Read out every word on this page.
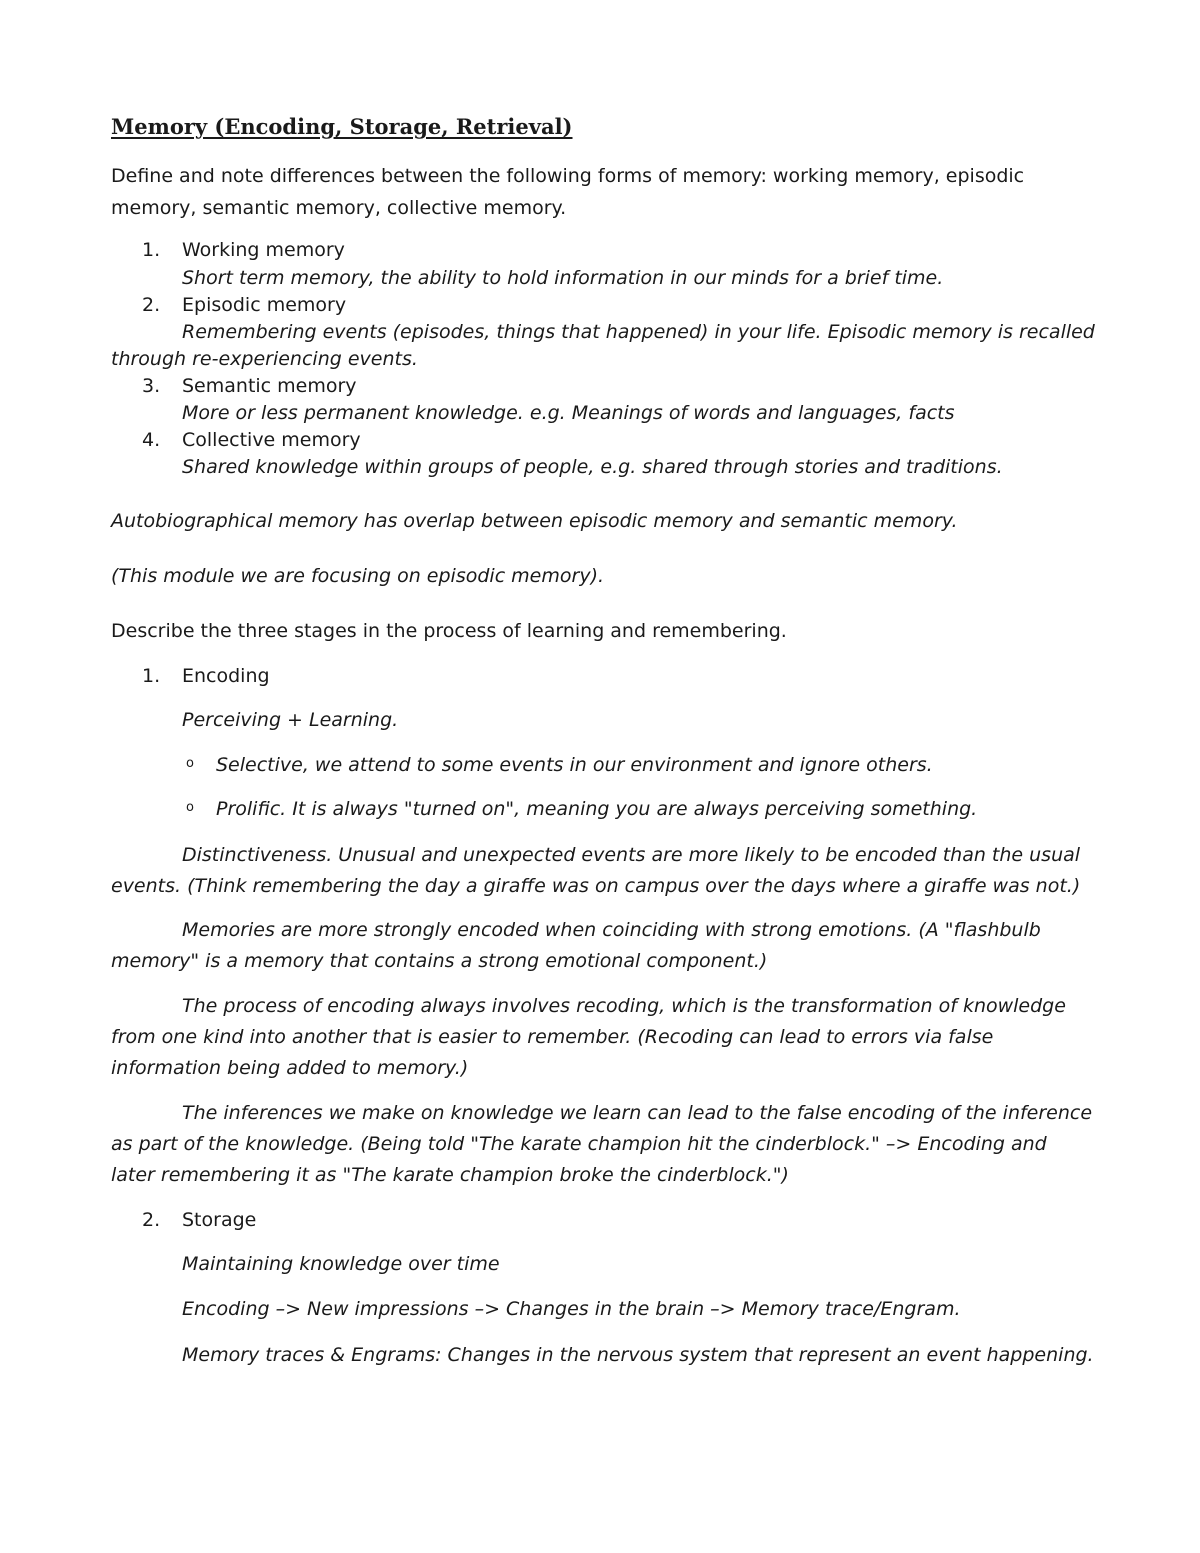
Memory (Encoding, Storage, Retrieval)
Define and note differences between the following forms of memory: working memory, episodic
memory, semantic memory, collective memory.
1. Working memory
Short term memory, the ability to hold information in our minds for a brief time.
2. Episodic memory
Remembering events (episodes, things that happened) in your life. Episodic memory is recalled
through re-experiencing events.
3. Semantic memory
More or less permanent knowledge. e.g. Meanings of words and languages, facts
4. Collective memory
Shared knowledge within groups of people, e.g. shared through stories and traditions.
Autobiographical memory has overlap between episodic memory and semantic memory.
(This module we are focusing on episodic memory).
Describe the three stages in the process of learning and remembering.
1. Encoding
Perceiving + Learning.
o Selective, we attend to some events in our environment and ignore others.
o Prolific. It is always "turned on", meaning you are always perceiving something.
Distinctiveness. Unusual and unexpected events are more likely to be encoded than the usual
events. (Think remembering the day a giraffe was on campus over the days where a giraffe was not.)
Memories are more strongly encoded when coinciding with strong emotions. (A "flashbulb
memory" is a memory that contains a strong emotional component.)
The process of encoding always involves recoding, which is the transformation of knowledge
from one kind into another that is easier to remember. (Recoding can lead to errors via false
information being added to memory.)
The inferences we make on knowledge we learn can lead to the false encoding of the inference
as part of the knowledge. (Being told "The karate champion hit the cinderblock." –> Encoding and
later remembering it as "The karate champion broke the cinderblock.")
2. Storage
Maintaining knowledge over time
Encoding –> New impressions –> Changes in the brain –> Memory trace/Engram.
Memory traces & Engrams: Changes in the nervous system that represent an event happening.
